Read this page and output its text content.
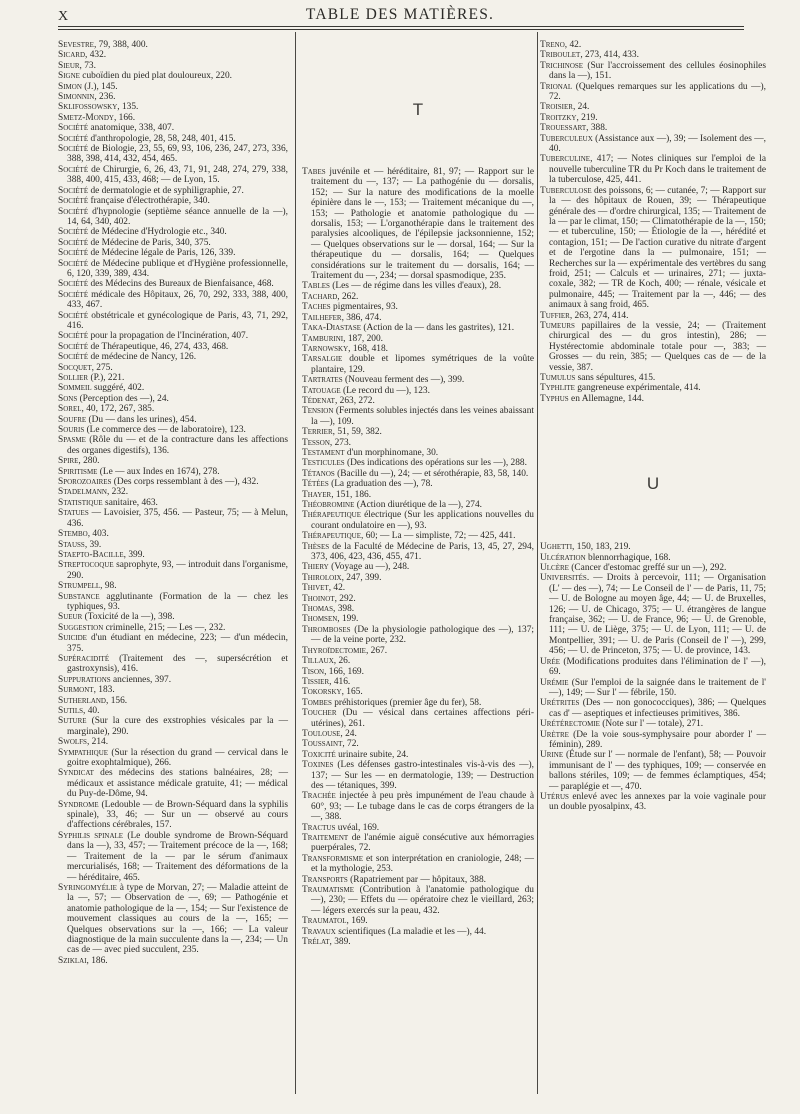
X	TABLE DES MATIÈRES.

Sevestre, 79, 388, 400.

Sicard, 432.

Sieur, 73.

Signe cuboïdien du pied plat douloureux, 220.

Simon (J.), 145.

Simonnin, 236.

Sklifossowsky, 135.

Smetz-Mondy, 166.

Société anatomique, 338, 407.

Société d'anthropologie, 28, 58, 248, 401, 415.

Société de Biologie, 23, 55, 69, 93, 106, 236, 247, 273, 336, 388, 398, 414, 432, 454, 465.

Société de Chirurgie, 6, 26, 43, 71, 91, 248, 274, 279, 338, 388, 400, 415, 433, 468; — de Lyon, 15.

Société de dermatologie et de syphiligraphie, 27.

Société française d'électrothérapie, 340.

Société d'hypnologie (septième séance annuelle de la —), 14, 64, 340, 402.

Société de Médecine d'Hydrologie etc., 340.

Société de Médecine de Paris, 340, 375.

Société de Médecine légale de Paris, 126, 339.

Société de Médecine publique et d'Hygiène professionnelle, 6, 120, 339, 389, 434.

Société des Médecins des Bureaux de Bienfaisance, 468.

Société médicale des Hôpitaux, 26, 70, 292, 333, 388, 400, 433, 467.

Société obstétricale et gynécologique de Paris, 43, 71, 292, 416.

Société pour la propagation de l'Incinération, 407.

Société de Thérapeutique, 46, 274, 433, 468.

Société de médecine de Nancy, 126.

Socquet, 275.

Sollier (P.), 221.

Sommeil suggéré, 402.

Sons (Perception des —), 24.

Sorel, 40, 172, 267, 385.

Soufre (Du — dans les urines), 454.

Souris (Le commerce des — de laboratoire), 123.

Spasme (Rôle du — et de la contracture dans les affections des organes digestifs), 136.

Spire, 280.

Spiritisme (Le — aux Indes en 1674), 278.

Sporozoaires (Des corps ressemblant à des —), 432.

Stadelmann, 232.

Statistique sanitaire, 463.

Statues — Lavoisier, 375, 456. — Pasteur, 75; — à Melun, 436.

Stembo, 403.

Stauss, 39.

Staepto-Bacille, 399.

Streptocoque saprophyte, 93, — introduit dans l'organisme, 290.

Strumpell, 98.

Substance agglutinante (Formation de la — chez les typhiques, 93.

Sueur (Toxicité de la —), 398.

Suggestion criminelle, 215; — Les —, 232.

Suicide d'un étudiant en médecine, 223; — d'un médecin, 375.

Supéracidité (Traitement des —, supersécrétion et gastroxynsis), 416.

Suppurations anciennes, 397.

Surmont, 183.

Sutherland, 156.

Sutils, 40.

Suture (Sur la cure des exstrophies vésicales par la — marginale), 290.

Swolfs, 214.

Sympathique (Sur la résection du grand — cervical dans le goitre exophtalmique), 266.

Syndicat des médecins des stations balnéaires, 28; — médicaux et assistance médicale gratuite, 41; — médical du Puy-de-Dôme, 94.

Syndrome (Ledouble — de Brown-Séquard dans la syphilis spinale), 33, 46; — Sur un — observé au cours d'affections cérébrales, 157.

Syphilis spinale (Le double syndrome de Brown-Séquard dans la —), 33, 457; — Traitement précoce de la —, 168; — Traitement de la — par le sérum d'animaux mercurialisés, 168; — Traitement des déformations de la — héréditaire, 465.

Syringomyélie à type de Morvan, 27; — Maladie atteint de la —, 57; — Observation de —, 69; — Pathogénie et anatomie pathologique de la —, 154; — Sur l'existence de mouvement classiques au cours de la —, 165; — Quelques observations sur la —, 166; — La valeur diagnostique de la main succulente dans la —, 234; — Un cas de — avec pied succulent, 235.

Szıklai, 186.

T

Tabes juvénile et — héréditaire, 81, 97; — Rapport sur le traitement du —, 137; — La pathogénie du — dorsalis, 152; — Sur la nature des modifications de la moelle épinière dans le —, 153; — Traitement mécanique du —, 153; — Pathologie et anatomie pathologique du — dorsalis, 153; — L'organothérapie dans le traitement des paralysies alcooliques, de l'épilepsie jacksonnienne, 152; — Quelques observations sur le — dorsal, 164; — Sur la thérapeutique du — dorsalis, 164; — Quelques considérations sur le traitement du — dorsalis, 164; — Traitement du —, 234; — dorsal spasmodique, 235.

Tables (Les — de régime dans les villes d'eaux), 28.

Tachard, 262.

Taches pigmentaires, 93.

Tailhefer, 386, 474.

Taka-Diastase (Action de la — dans les gastrites), 121.

Tamburini, 187, 200.

Tarnowsky, 168, 418.

Tarsalgie double et lipomes symétriques de la voûte plantaire, 129.

Tartrates (Nouveau ferment des —), 399.

Tatouage (Le record du —), 123.

Tédenat, 263, 272.

Tension (Ferments solubles injectés dans les veines abaissant la —), 109.

Terrier, 51, 59, 382.

Tesson, 273.

Testament d'un morphinomane, 30.

Testicules (Des indications des opérations sur les —), 288.

Tétanos (Bacille du —), 24; — et sérothérapie, 83, 58, 140.

Tétées (La graduation des —), 78.

Thayer, 151, 186.

Théobromine (Action diurétique de la —), 274.

Thérapeutique électrique (Sur les applications nouvelles du courant ondulatoire en —), 93.

Thérapeutique, 60; — La — simpliste, 72; — 425, 441.

Thèses de la Faculté de Médecine de Paris, 13, 45, 27, 294, 373, 406, 423, 436, 455, 471.

Thiery (Voyage au —), 248.

Thiroloix, 247, 399.

Thivet, 42.

Thoinot, 292.

Thomas, 398.

Thomsen, 199.

Thromboses (De la physiologie pathologique des —), 137; — de la veine porte, 232.

Thyroïdectomie, 267.

Tillaux, 26.

Tison, 166, 169.

Tissier, 416.

Tokorsky, 165.

Tombes préhistoriques (premier âge du fer), 58.

Toucher (Du — vésical dans certaines affections péri-utérines), 261.

Toulouse, 24.

Toussaint, 72.

Toxicité urinaire subite, 24.

Toxines (Les défenses gastro-intestinales vis-à-vis des —), 137; — Sur les — en dermatologie, 139; — Destruction des — tétaniques, 399.

Trachée injectée à peu près impunément de l'eau chaude à 60°, 93; — Le tubage dans le cas de corps étrangers de la —, 388.

Tractus uvéal, 169.

Traitement de l'anémie aiguë consécutive aux hémorragies puerpérales, 72.

Transformisme et son interprétation en craniologie, 248; — et la mythologie, 253.

Transports (Rapatriement par — hôpitaux, 388.

Traumatisme (Contribution à l'anatomie pathologique du —), 230; — Effets du — opératoire chez le vieillard, 263; — légers exercés sur la peau, 432.

Traumatol, 169.

Travaux scientifiques (La maladie et les —), 44.

Trélat, 389.

Treno, 42.

Triboulet, 273, 414, 433.

Trichinose (Sur l'accroissement des cellules éosinophiles dans la —), 151.

Trional (Quelques remarques sur les applications du —), 72.

Troisier, 24.

Troitzky, 219.

Trouessart, 388.

Tuberculeux (Assistance aux —), 39; — Isolement des —, 40.

Tuberculine, 417; — Notes cliniques sur l'emploi de la nouvelle tuberculine TR du Pr Koch dans le traitement de la tuberculose, 425, 441.

Tuberculose des poissons, 6; — cutanée, 7; — Rapport sur la — des hôpitaux de Rouen, 39; — Thérapeutique générale des — d'ordre chirurgical, 135; — Traitement de la — par le climat, 150; — Climatothérapie de la —, 150; — et tuberculine, 150; — Étiologie de la —, hérédité et contagion, 151; — De l'action curative du nitrate d'argent et de l'ergotine dans la — pulmonaire, 151; — Recherches sur la — expérimentale des vertèbres du sang froid, 251; — Calculs et — urinaires, 271; — juxta-coxale, 382; — TR de Koch, 400; — rénale, vésicale et pulmonaire, 445; — Traitement par la —, 446; — des animaux à sang froid, 465.

Tuffier, 263, 274, 414.

Tumeurs papillaires de la vessie, 24; — (Traitement chirurgical des — du gros intestin), 286; — Hystérectomie abdominale totale pour —, 383; — Grosses — du rein, 385; — Quelques cas de — de la vessie, 387.

Tumulus sans sépultures, 415.

Typhlite gangreneuse expérimentale, 414.

Typhus en Allemagne, 144.

U

Ughetti, 150, 183, 219.

Ulcération blennorrhagique, 168.

Ulcère (Cancer d'estomac greffé sur un —), 292.

Universités. — Droits à percevoir, 111; — Organisation (L' — des —), 74; — Le Conseil de l' — de Paris, 11, 75; — U. de Bologne au moyen âge, 44; — U. de Bruxelles, 126; — U. de Chicago, 375; — U. étrangères de langue française, 362; — U. de France, 96; — U. de Grenoble, 111; — U. de Liège, 375; — U. de Lyon, 111; — U. de Montpellier, 391; — U. de Paris (Conseil de l' —), 299, 456; — U. de Princeton, 375; — U. de province, 143.

Urée (Modifications produites dans l'élimination de l' —), 69.

Urémie (Sur l'emploi de la saignée dans le traitement de l' —), 149; — Sur l' — fébrile, 150.

Urétrites (Des — non gonococciques), 386; — Quelques cas d' — aseptiques et infectieuses primitives, 386.

Urétérectomie (Note sur l' — totale), 271.

Urètre (De la voie sous-symphysaire pour aborder l' — féminin), 289.

Urine (Étude sur l' — normale de l'enfant), 58; — Pouvoir immunisant de l' — des typhiques, 109; — conservée en ballons stériles, 109; — de femmes éclamptiques, 454; — paraplégie et —, 470.

Utérus enlevé avec les annexes par la voie vaginale pour un double pyosalpinx, 43.
